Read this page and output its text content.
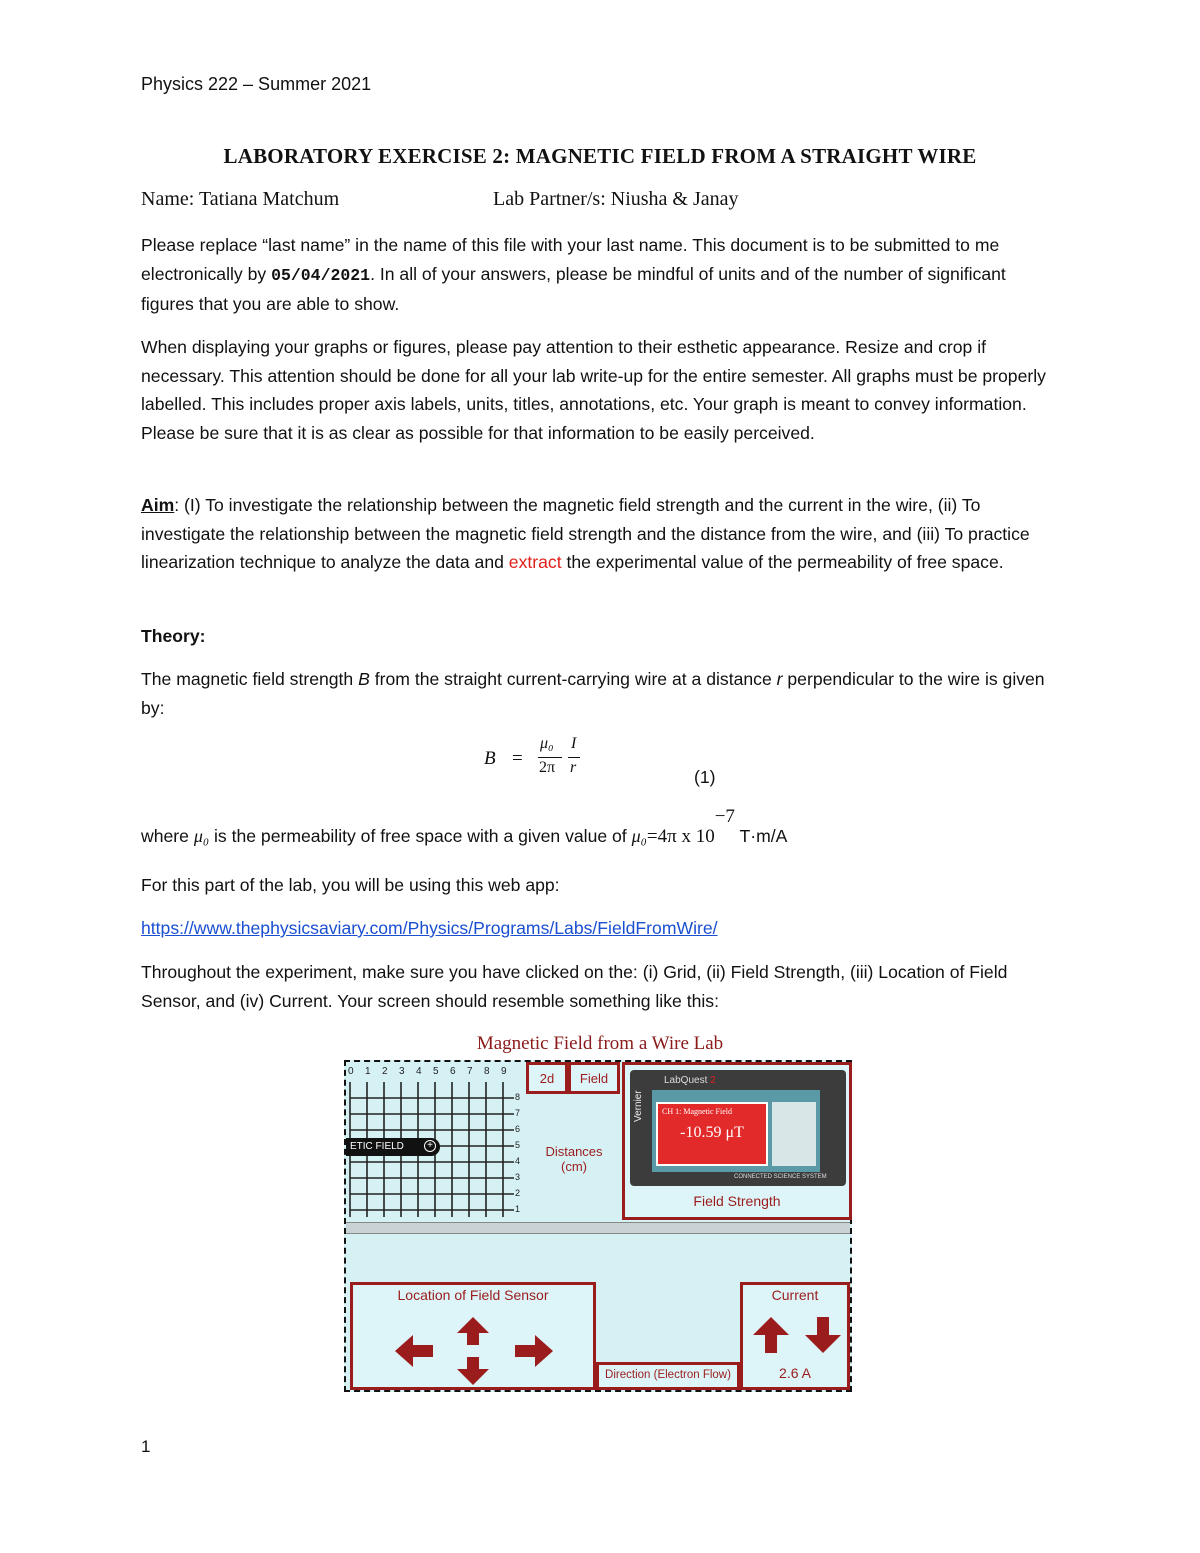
Physics 222 – Summer 2021
LABORATORY EXERCISE 2: MAGNETIC FIELD FROM A STRAIGHT WIRE
Name: Tatiana Matchum	Lab Partner/s: Niusha & Janay

Please replace “last name” in the name of this file with your last name. This document is to be submitted to me electronically by 05/04/2021. In all of your answers, please be mindful of units and of the number of significant figures that you are able to show.

When displaying your graphs or figures, please pay attention to their esthetic appearance. Resize and crop if necessary. This attention should be done for all your lab write-up for the entire semester. All graphs must be properly labelled. This includes proper axis labels, units, titles, annotations, etc. Your graph is meant to convey information. Please be sure that it is as clear as possible for that information to be easily perceived.

Aim: (I) To investigate the relationship between the magnetic field strength and the current in the wire, (ii) To investigate the relationship between the magnetic field strength and the distance from the wire, and (iii) To practice linearization technique to analyze the data and extract the experimental value of the permeability of free space.

Theory:

The magnetic field strength B from the straight current-carrying wire at a distance r perpendicular to the wire is given by:

B =
μ₀
2π
I
r	(1)
where μ₀ is the permeability of free space with a given value of μ₀=4π x 10−7 T·m/A
For this part of the lab, you will be using this web app:
https://www.thephysicsaviary.com/Physics/Programs/Labs/FieldFromWire/

Throughout the experiment, make sure you have clicked on the: (i) Grid, (ii) Field Strength, (iii) Location of Field Sensor, and (iv) Current. Your screen should resemble something like this:

Magnetic Field from a Wire Lab
0 1 2 3 4 5 6 7 8 9
8
7
6
5
4
3
2
1
ETIC FIELD	+
2d	Field
Distances
(cm)
LabQuest 2
Vernier CH 1: Magnetic Field
-10.59 μT
CONNECTED SCIENCE SYSTEM
Field Strength
Location of Field Sensor
Direction (Electron Flow)
Current
2.6 A
1
